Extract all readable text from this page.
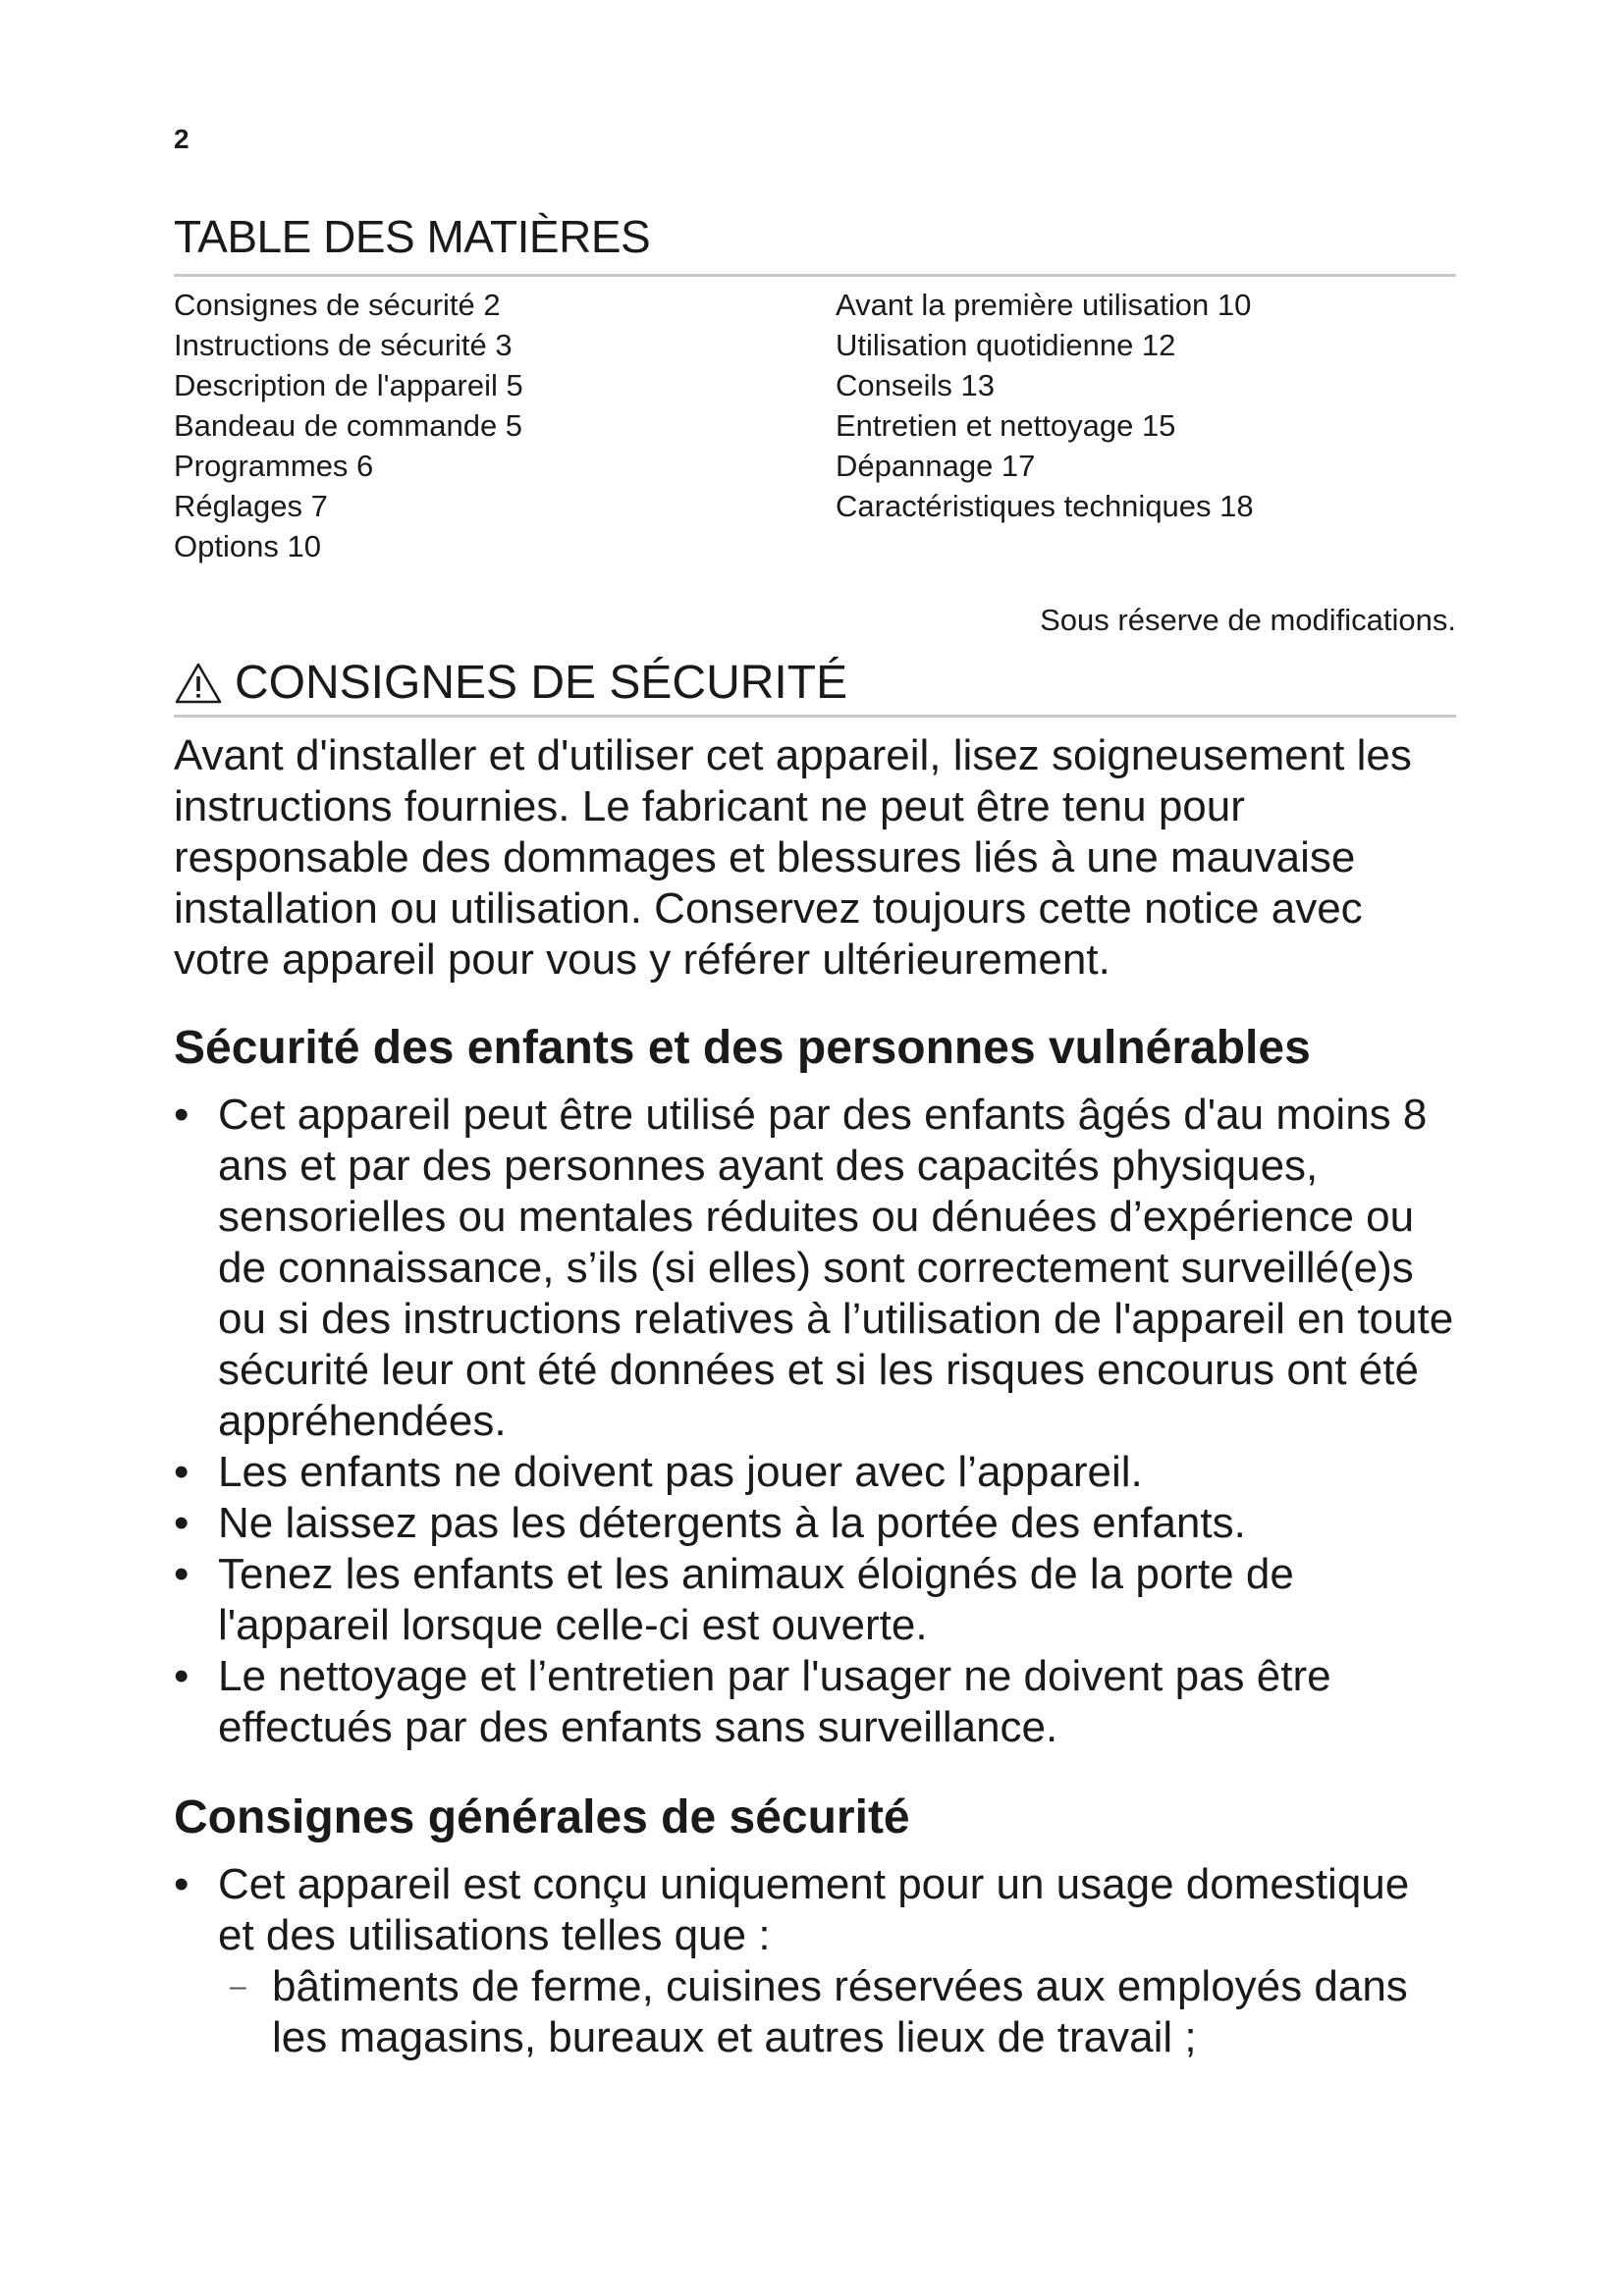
2
TABLE DES MATIÈRES
Consignes de sécurité 2
Instructions de sécurité 3
Description de l'appareil 5
Bandeau de commande 5
Programmes 6
Réglages 7
Options 10
Avant la première utilisation 10
Utilisation quotidienne 12
Conseils 13
Entretien et nettoyage 15
Dépannage 17
Caractéristiques techniques 18
Sous réserve de modifications.
CONSIGNES DE SÉCURITÉ

Avant d'installer et d'utiliser cet appareil, lisez soigneusement les instructions fournies. Le fabricant ne peut être tenu pour responsable des dommages et blessures liés à une mauvaise installation ou utilisation. Conservez toujours cette notice avec votre appareil pour vous y référer ultérieurement.

Sécurité des enfants et des personnes vulnérables
• Cet appareil peut être utilisé par des enfants âgés d'au moins 8 ans et par des personnes ayant des capacités physiques, sensorielles ou mentales réduites ou dénuées d’expérience ou de connaissance, s’ils (si elles) sont correctement surveillé(e)s ou si des instructions relatives à l’utilisation de l'appareil en toute sécurité leur ont été données et si les risques encourus ont été appréhendées.
• Les enfants ne doivent pas jouer avec l’appareil.
• Ne laissez pas les détergents à la portée des enfants.
• Tenez les enfants et les animaux éloignés de la porte de l'appareil lorsque celle-ci est ouverte.
• Le nettoyage et l’entretien par l'usager ne doivent pas être effectués par des enfants sans surveillance.
Consignes générales de sécurité
• Cet appareil est conçu uniquement pour un usage domestique et des utilisations telles que :
– bâtiments de ferme, cuisines réservées aux employés dans les magasins, bureaux et autres lieux de travail ;
